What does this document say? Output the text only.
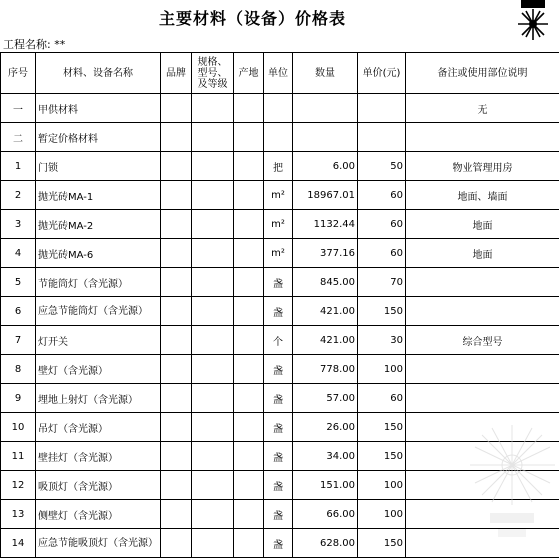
主要材料（设备）价格表
工程名称: **
序号	材料、设备名称	品牌	规格、型号、及等级	产地	单位	数量	单价(元)	备注或使用部位说明
一	甲供材料							无
二	暂定价格材料							
1	门锁				把	6.00	50	物业管理用房
2	抛光砖MA-1				m²	18967.01	60	地面、墙面
3	抛光砖MA-2				m²	1132.44	60	地面
4	抛光砖MA-6				m²	377.16	60	地面
5	节能筒灯（含光源）				盏	845.00	70	
6	应急节能筒灯（含光源）				盏	421.00	150	
7	灯开关				个	421.00	30	综合型号
8	壁灯（含光源）				盏	778.00	100	
9	埋地上射灯（含光源）				盏	57.00	60	
10	吊灯（含光源）				盏	26.00	150	
11	壁挂灯（含光源）				盏	34.00	150	
12	吸顶灯（含光源）				盏	151.00	100	
13	侧壁灯（含光源）				盏	66.00	100	
14	应急节能吸顶灯（含光源）				盏	628.00	150	
